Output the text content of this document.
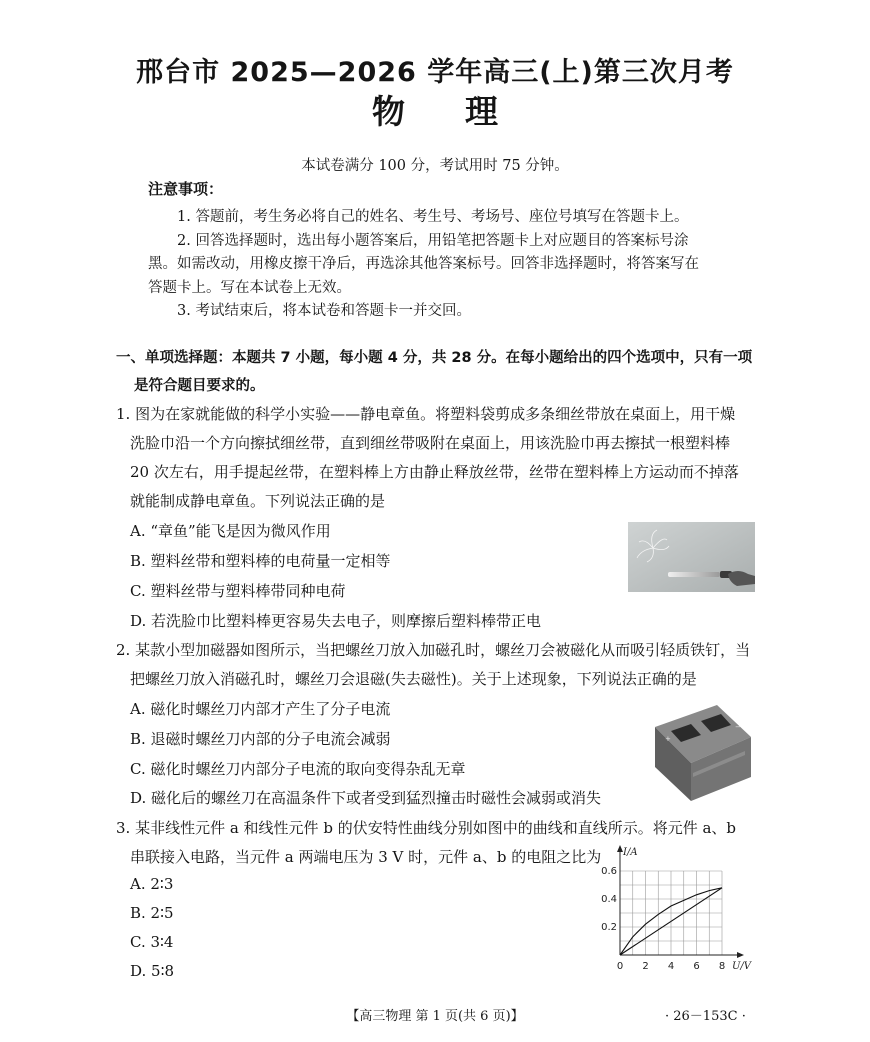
邢台市 2025—2026 学年高三(上)第三次月考
物理
本试卷满分 100 分，考试用时 75 分钟。
注意事项：
1. 答题前，考生务必将自己的姓名、考生号、考场号、座位号填写在答题卡上。
2. 回答选择题时，选出每小题答案后，用铅笔把答题卡上对应题目的答案标号涂
黑。如需改动，用橡皮擦干净后，再选涂其他答案标号。回答非选择题时，将答案写在
答题卡上。写在本试卷上无效。
3. 考试结束后，将本试卷和答题卡一并交回。
一、单项选择题：本题共 7 小题，每小题 4 分，共 28 分。在每小题给出的四个选项中，只有一项
是符合题目要求的。
1. 图为在家就能做的科学小实验——静电章鱼。将塑料袋剪成多条细丝带放在桌面上，用干燥
洗脸巾沿一个方向擦拭细丝带，直到细丝带吸附在桌面上，用该洗脸巾再去擦拭一根塑料棒
20 次左右，用手提起丝带，在塑料棒上方由静止释放丝带，丝带在塑料棒上方运动而不掉落
就能制成静电章鱼。下列说法正确的是
A. “章鱼”能飞是因为微风作用
B. 塑料丝带和塑料棒的电荷量一定相等
C. 塑料丝带与塑料棒带同种电荷
D. 若洗脸巾比塑料棒更容易失去电子，则摩擦后塑料棒带正电
2. 某款小型加磁器如图所示，当把螺丝刀放入加磁孔时，螺丝刀会被磁化从而吸引轻质铁钉，当
把螺丝刀放入消磁孔时，螺丝刀会退磁(失去磁性)。关于上述现象，下列说法正确的是
A. 磁化时螺丝刀内部才产生了分子电流
B. 退磁时螺丝刀内部的分子电流会减弱
C. 磁化时螺丝刀内部分子电流的取向变得杂乱无章
D. 磁化后的螺丝刀在高温条件下或者受到猛烈撞击时磁性会减弱或消失
+
−
3. 某非线性元件 a 和线性元件 b 的伏安特性曲线分别如图中的曲线和直线所示。将元件 a、b
串联接入电路，当元件 a 两端电压为 3 V 时，元件 a、b 的电阻之比为
A. 2∶3
B. 2∶5
C. 3∶4
D. 5∶8	0 2 4 6 8
0.2
0.4
0.6
U/V
I/A
【高三物理 第 1 页(共 6 页)】	· 26－153C ·
